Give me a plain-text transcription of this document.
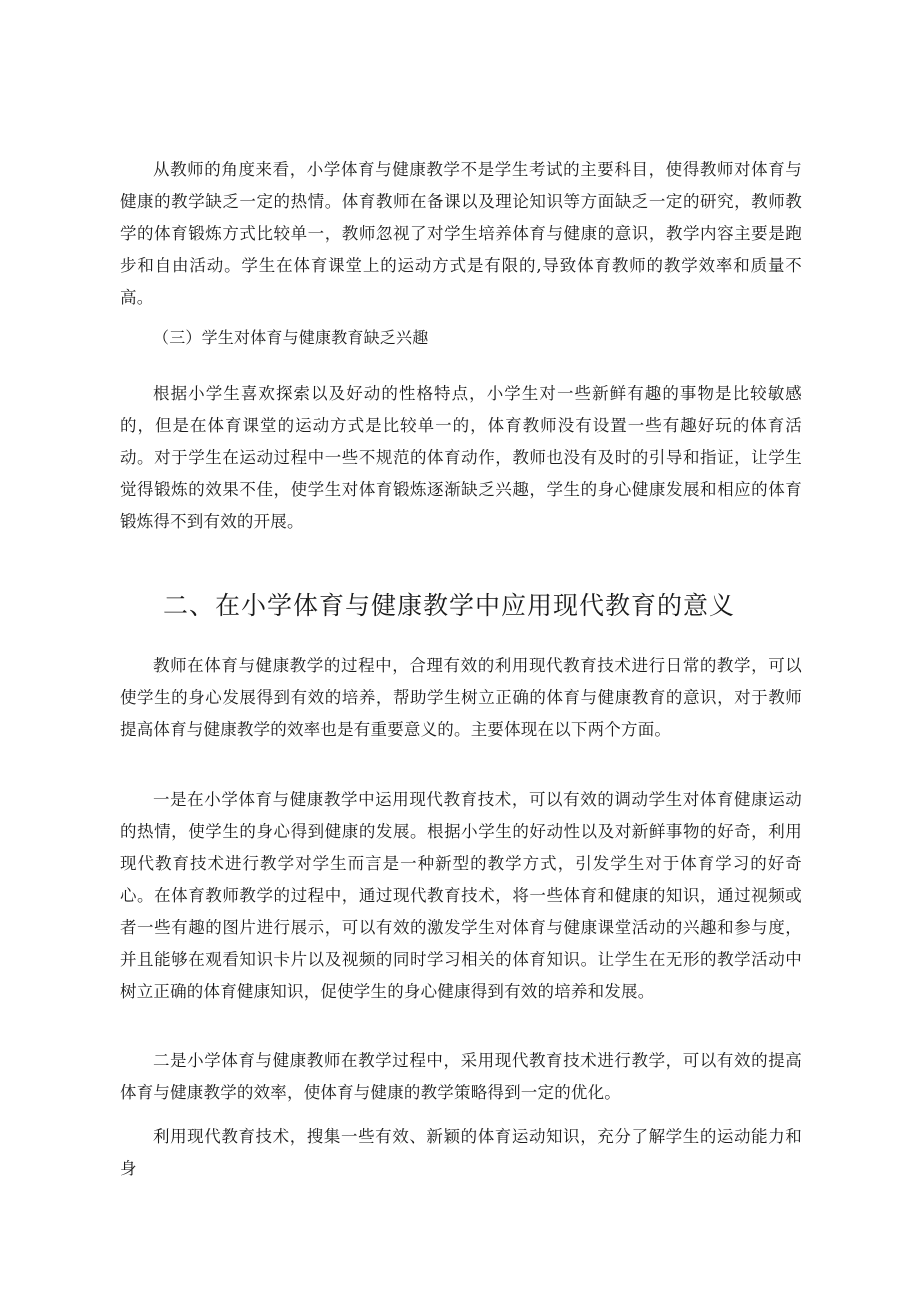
从教师的角度来看，小学体育与健康教学不是学生考试的主要科目，使得教师对体育与健康的教学缺乏一定的热情。体育教师在备课以及理论知识等方面缺乏一定的研究，教师教学的体育锻炼方式比较单一，教师忽视了对学生培养体育与健康的意识，教学内容主要是跑步和自由活动。学生在体育课堂上的运动方式是有限的,导致体育教师的教学效率和质量不高。

（三）学生对体育与健康教育缺乏兴趣

根据小学生喜欢探索以及好动的性格特点，小学生对一些新鲜有趣的事物是比较敏感的，但是在体育课堂的运动方式是比较单一的，体育教师没有设置一些有趣好玩的体育活动。对于学生在运动过程中一些不规范的体育动作，教师也没有及时的引导和指证，让学生觉得锻炼的效果不佳，使学生对体育锻炼逐渐缺乏兴趣，学生的身心健康发展和相应的体育锻炼得不到有效的开展。

二、在小学体育与健康教学中应用现代教育的意义

教师在体育与健康教学的过程中，合理有效的利用现代教育技术进行日常的教学，可以使学生的身心发展得到有效的培养，帮助学生树立正确的体育与健康教育的意识，对于教师提高体育与健康教学的效率也是有重要意义的。主要体现在以下两个方面。

一是在小学体育与健康教学中运用现代教育技术，可以有效的调动学生对体育健康运动的热情，使学生的身心得到健康的发展。根据小学生的好动性以及对新鲜事物的好奇，利用现代教育技术进行教学对学生而言是一种新型的教学方式，引发学生对于体育学习的好奇心。在体育教师教学的过程中，通过现代教育技术，将一些体育和健康的知识，通过视频或者一些有趣的图片进行展示，可以有效的激发学生对体育与健康课堂活动的兴趣和参与度，并且能够在观看知识卡片以及视频的同时学习相关的体育知识。让学生在无形的教学活动中树立正确的体育健康知识，促使学生的身心健康得到有效的培养和发展。

二是小学体育与健康教师在教学过程中，采用现代教育技术进行教学，可以有效的提高体育与健康教学的效率，使体育与健康的教学策略得到一定的优化。

利用现代教育技术，搜集一些有效、新颖的体育运动知识，充分了解学生的运动能力和身
